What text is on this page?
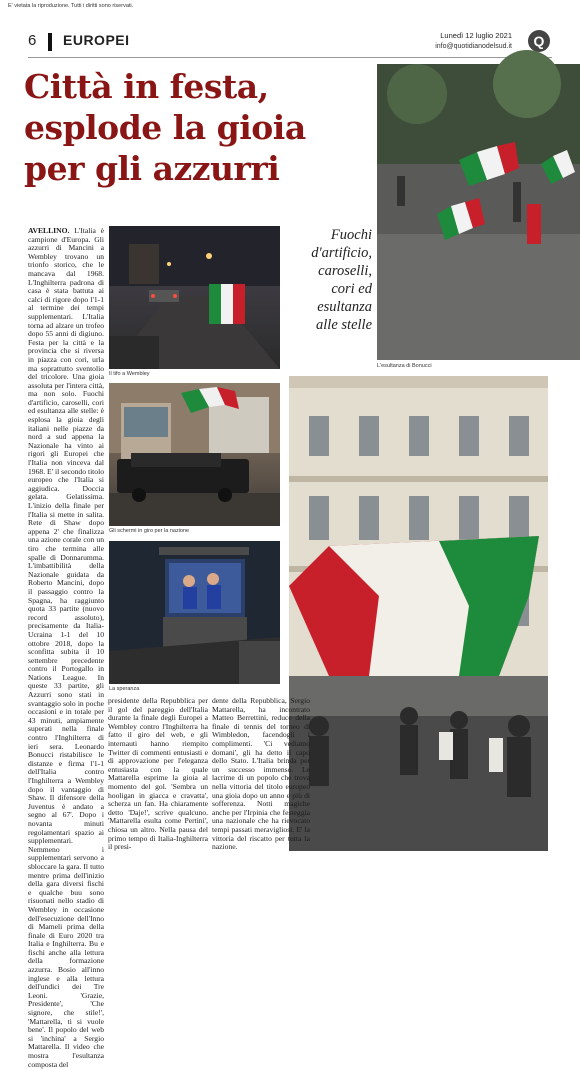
E' vietata la riproduzione. Tutti i diritti sono riservati.
6 EUROPEI	Lunedì 12 luglio 2021
info@quotidianodelsud.it	Q
Città in festa,
esplode la gioia
per gli azzurri
AVELLINO. L'Italia è campione d'Europa. Gli azzurri di Mancini a Wembley trovano un trionfo storico, che le mancava dal 1968. L'Inghilterra padrona di casa è stata battuta ai calci di rigore dopo l'1-1 al termine dei tempi supplementari. L'Italia torna ad alzare un trofeo dopo 55 anni di digiuno. Festa per la città e la provincia che si riversa in piazza con cori, urla ma soprattutto sventolio del tricolore. Una gioia assoluta per l'intera città, ma non solo. Fuochi d'artificio, caroselli, cori ed esultanza alle stelle: è esplosa la gioia degli italiani nelle piazze da nord a sud appena la Nazionale ha vinto ai rigori gli Europei che l'Italia non vinceva dal 1968. E' il secondo titolo europeo che l'Italia si aggiudica. Doccia gelata. Gelatissima. L'inizio della finale per l'Italia si mette in salita. Rete di Shaw dopo appena 2' che finalizza una azione corale con un tiro che termina alle spalle di Donnarumma. L'imbattibilità della Nazionale guidata da Roberto Mancini, dopo il passaggio contro la Spagna, ha raggiunto quota 33 partite (nuovo record assoluto), precisamente da Italia-Ucraina 1-1 del 10 ottobre 2018, dopo la sconfitta subita il 10 settembre precedente contro il Portogallo in Nations League. In queste 33 partite, gli Azzurri sono stati in svantaggio solo in poche occasioni e in totale per 43 minuti, ampiamente superati nella finale contro l'Inghilterra di ieri sera. Leonardo Bonucci ristabilisce le distanze e firma l'1-1 dell'Italia contro l'Inghilterra a Wembley dopo il vantaggio di Shaw. Il difensore della Juventus è andato a segno al 67'. Dopo i novanta minuti regolamentari spazio ai supplementari. Nemmeno i supplementari servono a sbloccare la gara. Il tutto mentre prima dell'inizio della gara diversi fischi e qualche buu sono risuonati nello stadio di Wembley in occasione dell'esecuzione dell'Inno di Mameli prima della finale di Euro 2020 tra Italia e Inghilterra. Bu e fischi anche alla lettura della formazione azzurra. Bosio all'inno inglese e alla lettura dell'undici dei Tre Leoni. 'Grazie, Presidente', 'Che signore, che stile!', 'Mattarella, ti si vuole bene'. Il popolo del web si 'inchina' a Sergio Mattarella. Il video che mostra l'esultanza composta del
Il tifo a Wembley
Gli schermi in giro per la nazione
La speranza
Fuochi
d'artificio,
caroselli,
cori ed
esultanza
alle stelle
L'esultanza di Bonucci
presidente della Repubblica per il gol del pareggio dell'Italia durante la finale degli Europei a Wembley contro l'Inghilterra ha fatto il giro del web, e gli internauti hanno riempito Twitter di commenti entusiasti e di approvazione per l'eleganza entusiasta con la quale Mattarella esprime la gioia al momento del gol. 'Sembra un hooligan in giacca e cravatta', scherza un fan. Ha chiaramente detto 'Daje!', scrive qualcuno. 'Mattarella esulta come Pertini', chiosa un altro. Nella pausa del primo tempo di Italia-Inghilterra il presi-
dente della Repubblica, Sergio Mattarella, ha incontrato Matteo Berrettini, reduce della finale di tennis del torneo di Wimbledon, facendogli i complimenti. 'Ci vediamo domani', gli ha detto il capo dello Stato. L'Italia brinda per un successo immenso. Le lacrime di un popolo che trova nella vittoria del titolo europeo una gioia dopo un anno e più di sofferenza. Notti magiche anche per l'Irpinia che festeggia una nazionale che ha rievocato tempi passati meravigliosi. E' la vittoria del riscatto per tutta la nazione.
